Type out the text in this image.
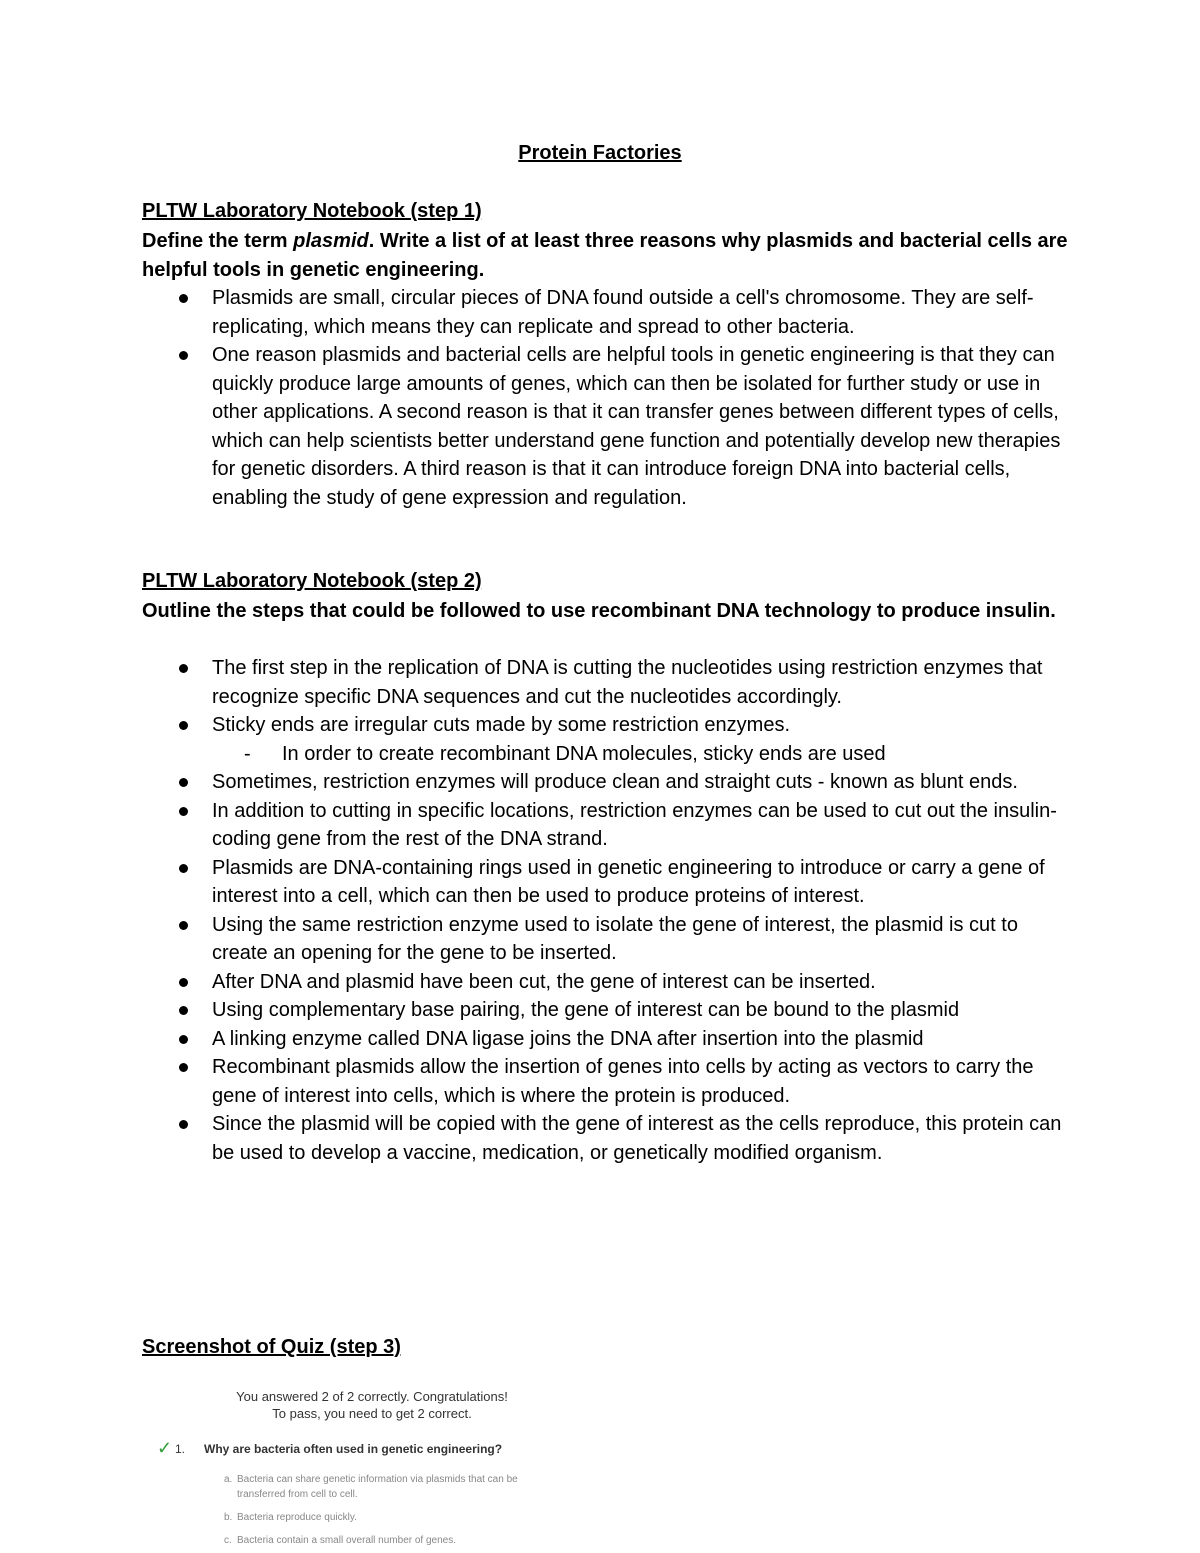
Protein Factories
PLTW Laboratory Notebook (step 1)
Define the term plasmid. Write a list of at least three reasons why plasmids and bacterial cells are helpful tools in genetic engineering.
Plasmids are small, circular pieces of DNA found outside a cell's chromosome. They are self-replicating, which means they can replicate and spread to other bacteria.
One reason plasmids and bacterial cells are helpful tools in genetic engineering is that they can quickly produce large amounts of genes, which can then be isolated for further study or use in other applications. A second reason is that it can transfer genes between different types of cells, which can help scientists better understand gene function and potentially develop new therapies for genetic disorders. A third reason is that it can introduce foreign DNA into bacterial cells, enabling the study of gene expression and regulation.
PLTW Laboratory Notebook (step 2)
Outline the steps that could be followed to use recombinant DNA technology to produce insulin.
The first step in the replication of DNA is cutting the nucleotides using restriction enzymes that recognize specific DNA sequences and cut the nucleotides accordingly.
Sticky ends are irregular cuts made by some restriction enzymes.
- In order to create recombinant DNA molecules, sticky ends are used
Sometimes, restriction enzymes will produce clean and straight cuts - known as blunt ends.
In addition to cutting in specific locations, restriction enzymes can be used to cut out the insulin-coding gene from the rest of the DNA strand.
Plasmids are DNA-containing rings used in genetic engineering to introduce or carry a gene of interest into a cell, which can then be used to produce proteins of interest.
Using the same restriction enzyme used to isolate the gene of interest, the plasmid is cut to create an opening for the gene to be inserted.
After DNA and plasmid have been cut, the gene of interest can be inserted.
Using complementary base pairing, the gene of interest can be bound to the plasmid
A linking enzyme called DNA ligase joins the DNA after insertion into the plasmid
Recombinant plasmids allow the insertion of genes into cells by acting as vectors to carry the gene of interest into cells, which is where the protein is produced.
Since the plasmid will be copied with the gene of interest as the cells reproduce, this protein can be used to develop a vaccine, medication, or genetically modified organism.
Screenshot of Quiz (step 3)
You answered 2 of 2 correctly. Congratulations!
To pass, you need to get 2 correct.
✓ 1. Why are bacteria often used in genetic engineering?
a. Bacteria can share genetic information via plasmids that can be transferred from cell to cell.
b. Bacteria reproduce quickly.
c. Bacteria contain a small overall number of genes.
